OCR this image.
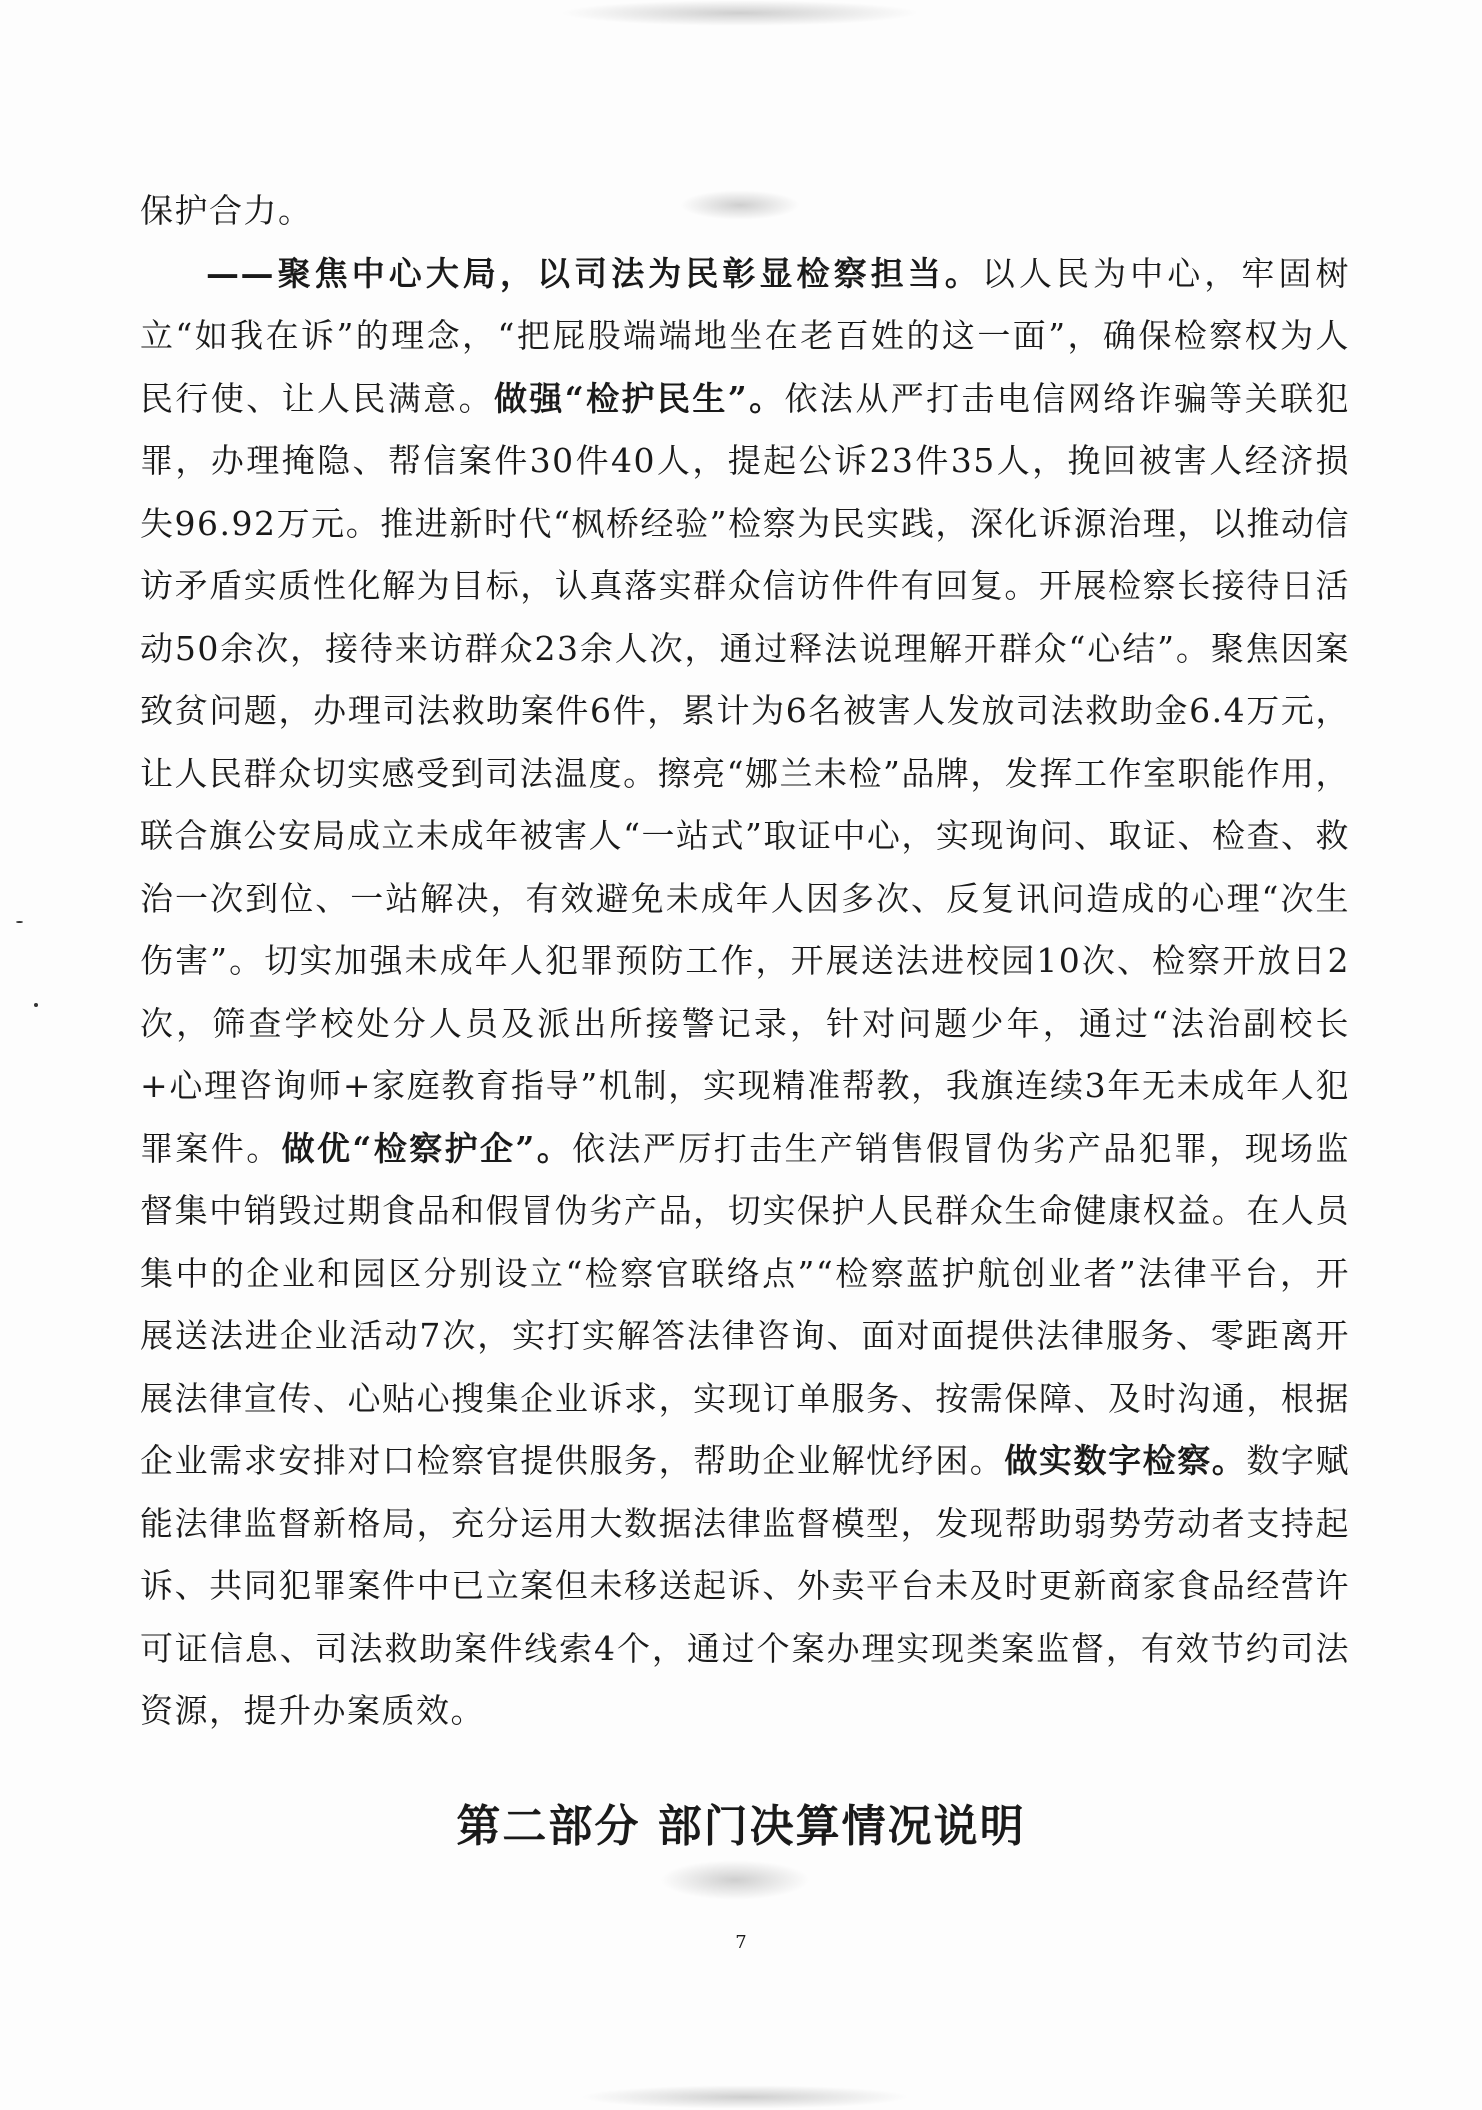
保护合力。

——聚焦中心大局，以司法为民彰显检察担当。以人民为中心，牢固树立“如我在诉”的理念，“把屁股端端地坐在老百姓的这一面”，确保检察权为人民行使、让人民满意。做强“检护民生”。依法从严打击电信网络诈骗等关联犯罪，办理掩隐、帮信案件30件40人，提起公诉23件35人，挽回被害人经济损失96.92万元。推进新时代“枫桥经验”检察为民实践，深化诉源治理，以推动信访矛盾实质性化解为目标，认真落实群众信访件件有回复。开展检察长接待日活动50余次，接待来访群众23余人次，通过释法说理解开群众“心结”。聚焦因案致贫问题，办理司法救助案件6件，累计为6名被害人发放司法救助金6.4万元，让人民群众切实感受到司法温度。擦亮“娜兰未检”品牌，发挥工作室职能作用，联合旗公安局成立未成年被害人“一站式”取证中心，实现询问、取证、检查、救治一次到位、一站解决，有效避免未成年人因多次、反复讯问造成的心理“次生伤害”。切实加强未成年人犯罪预防工作，开展送法进校园10次、检察开放日2次，筛查学校处分人员及派出所接警记录，针对问题少年，通过“法治副校长+心理咨询师+家庭教育指导”机制，实现精准帮教，我旗连续3年无未成年人犯罪案件。做优“检察护企”。依法严厉打击生产销售假冒伪劣产品犯罪，现场监督集中销毁过期食品和假冒伪劣产品，切实保护人民群众生命健康权益。在人员集中的企业和园区分别设立“检察官联络点”“检察蓝护航创业者”法律平台，开展送法进企业活动7次，实打实解答法律咨询、面对面提供法律服务、零距离开展法律宣传、心贴心搜集企业诉求，实现订单服务、按需保障、及时沟通，根据企业需求安排对口检察官提供服务，帮助企业解忧纾困。做实数字检察。数字赋能法律监督新格局，充分运用大数据法律监督模型，发现帮助弱势劳动者支持起诉、共同犯罪案件中已立案但未移送起诉、外卖平台未及时更新商家食品经营许可证信息、司法救助案件线索4个，通过个案办理实现类案监督，有效节约司法资源，提升办案质效。

第二部分 部门决算情况说明
7
